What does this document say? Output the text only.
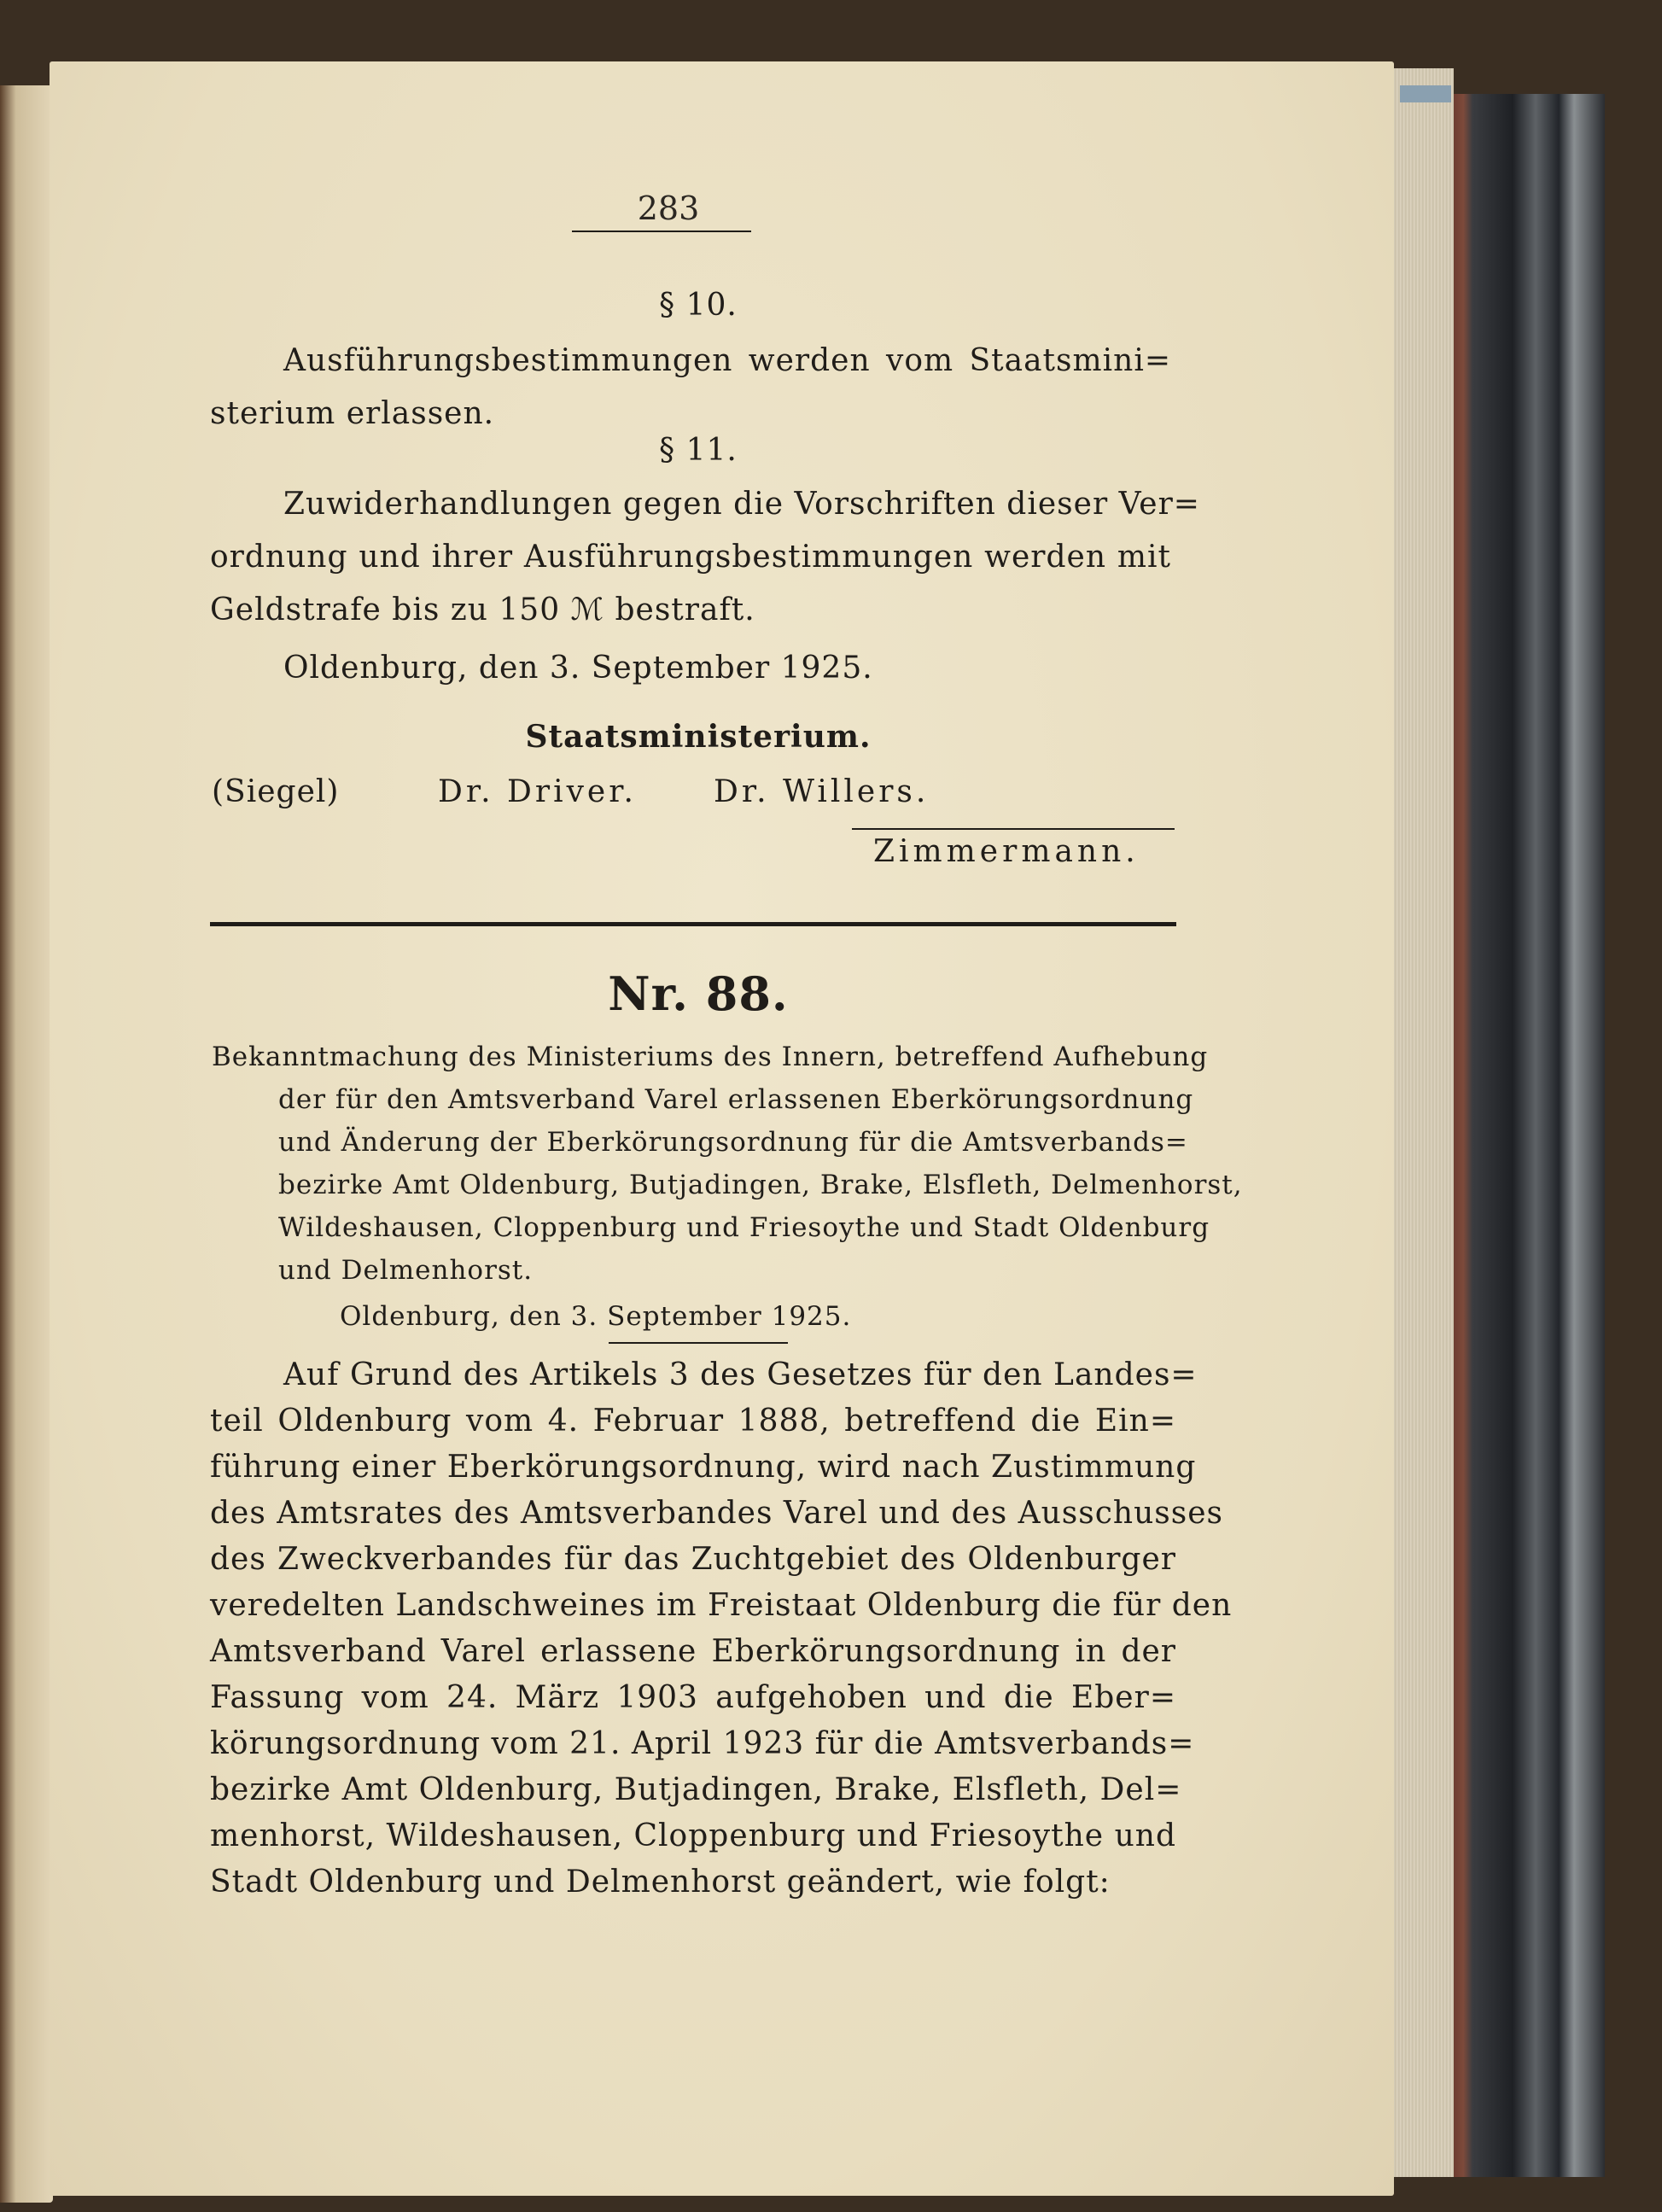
283
§ 10.
Ausführungsbestimmungen werden vom Staatsmini=
sterium erlassen.
§ 11.
Zuwiderhandlungen gegen die Vorschriften dieser Ver=
ordnung und ihrer Ausführungsbestimmungen werden mit
Geldstrafe bis zu 150 ℳ bestraft.
Oldenburg, den 3. September 1925.
Staatsministerium.
(Siegel)	Dr. Driver.	Dr. Willers.
Zimmermann.
Nr. 88.
Bekanntmachung des Ministeriums des Innern, betreffend Aufhebung
der für den Amtsverband Varel erlassenen Eberkörungsordnung
und Änderung der Eberkörungsordnung für die Amtsverbands=
bezirke Amt Oldenburg, Butjadingen, Brake, Elsfleth, Delmenhorst,
Wildeshausen, Cloppenburg und Friesoythe und Stadt Oldenburg
und Delmenhorst.
Oldenburg, den 3. September 1925.
Auf Grund des Artikels 3 des Gesetzes für den Landes=
teil Oldenburg vom 4. Februar 1888, betreffend die Ein=
führung einer Eberkörungsordnung, wird nach Zustimmung
des Amtsrates des Amtsverbandes Varel und des Ausschusses
des Zweckverbandes für das Zuchtgebiet des Oldenburger
veredelten Landschweines im Freistaat Oldenburg die für den
Amtsverband Varel erlassene Eberkörungsordnung in der
Fassung vom 24. März 1903 aufgehoben und die Eber=
körungsordnung vom 21. April 1923 für die Amtsverbands=
bezirke Amt Oldenburg, Butjadingen, Brake, Elsfleth, Del=
menhorst, Wildeshausen, Cloppenburg und Friesoythe und
Stadt Oldenburg und Delmenhorst geändert, wie folgt:
